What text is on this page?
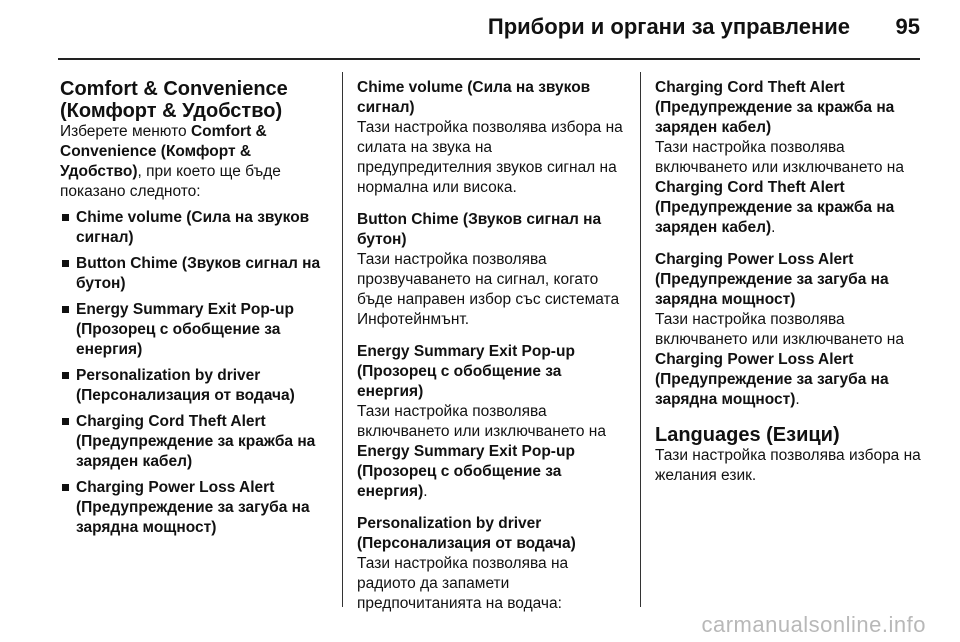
Прибори и органи за управление 95
Comfort & Convenience
(Комфорт & Удобство)

Изберете менюто Comfort & Convenience (Комфорт & Удобство), при което ще бъде показано следното:

Chime volume (Сила на звуков сигнал)
Button Chime (Звуков сигнал на бутон)
Energy Summary Exit Pop-up (Прозорец с обобщение за енергия)
Personalization by driver (Персонализация от водача)
Charging Cord Theft Alert (Предупреждение за кражба на заряден кабел)
Charging Power Loss Alert (Предупреждение за загуба на зарядна мощност)
Chime volume (Сила на звуков сигнал)

Тази настройка позволява избора на силата на звука на предупредителния звуков сигнал на нормална или висока.

Button Chime (Звуков сигнал на бутон)

Тази настройка позволява прозвучаването на сигнал, когато бъде направен избор със системата Инфотейнмънт.

Energy Summary Exit Pop-up (Прозорец с обобщение за енергия)

Тази настройка позволява включването или изключването на Energy Summary Exit Pop-up (Прозорец с обобщение за енергия).

Personalization by driver (Персонализация от водача)

Тази настройка позволява на радиото да запамети предпочитанията на водача:

Charging Cord Theft Alert (Предупреждение за кражба на заряден кабел)

Тази настройка позволява включването или изключването на Charging Cord Theft Alert (Предупреждение за кражба на заряден кабел).

Charging Power Loss Alert (Предупреждение за загуба на зарядна мощност)

Тази настройка позволява включването или изключването на Charging Power Loss Alert (Предупреждение за загуба на зарядна мощност).

Languages (Езици)

Тази настройка позволява избора на желания език.

carmanualsonline.info
